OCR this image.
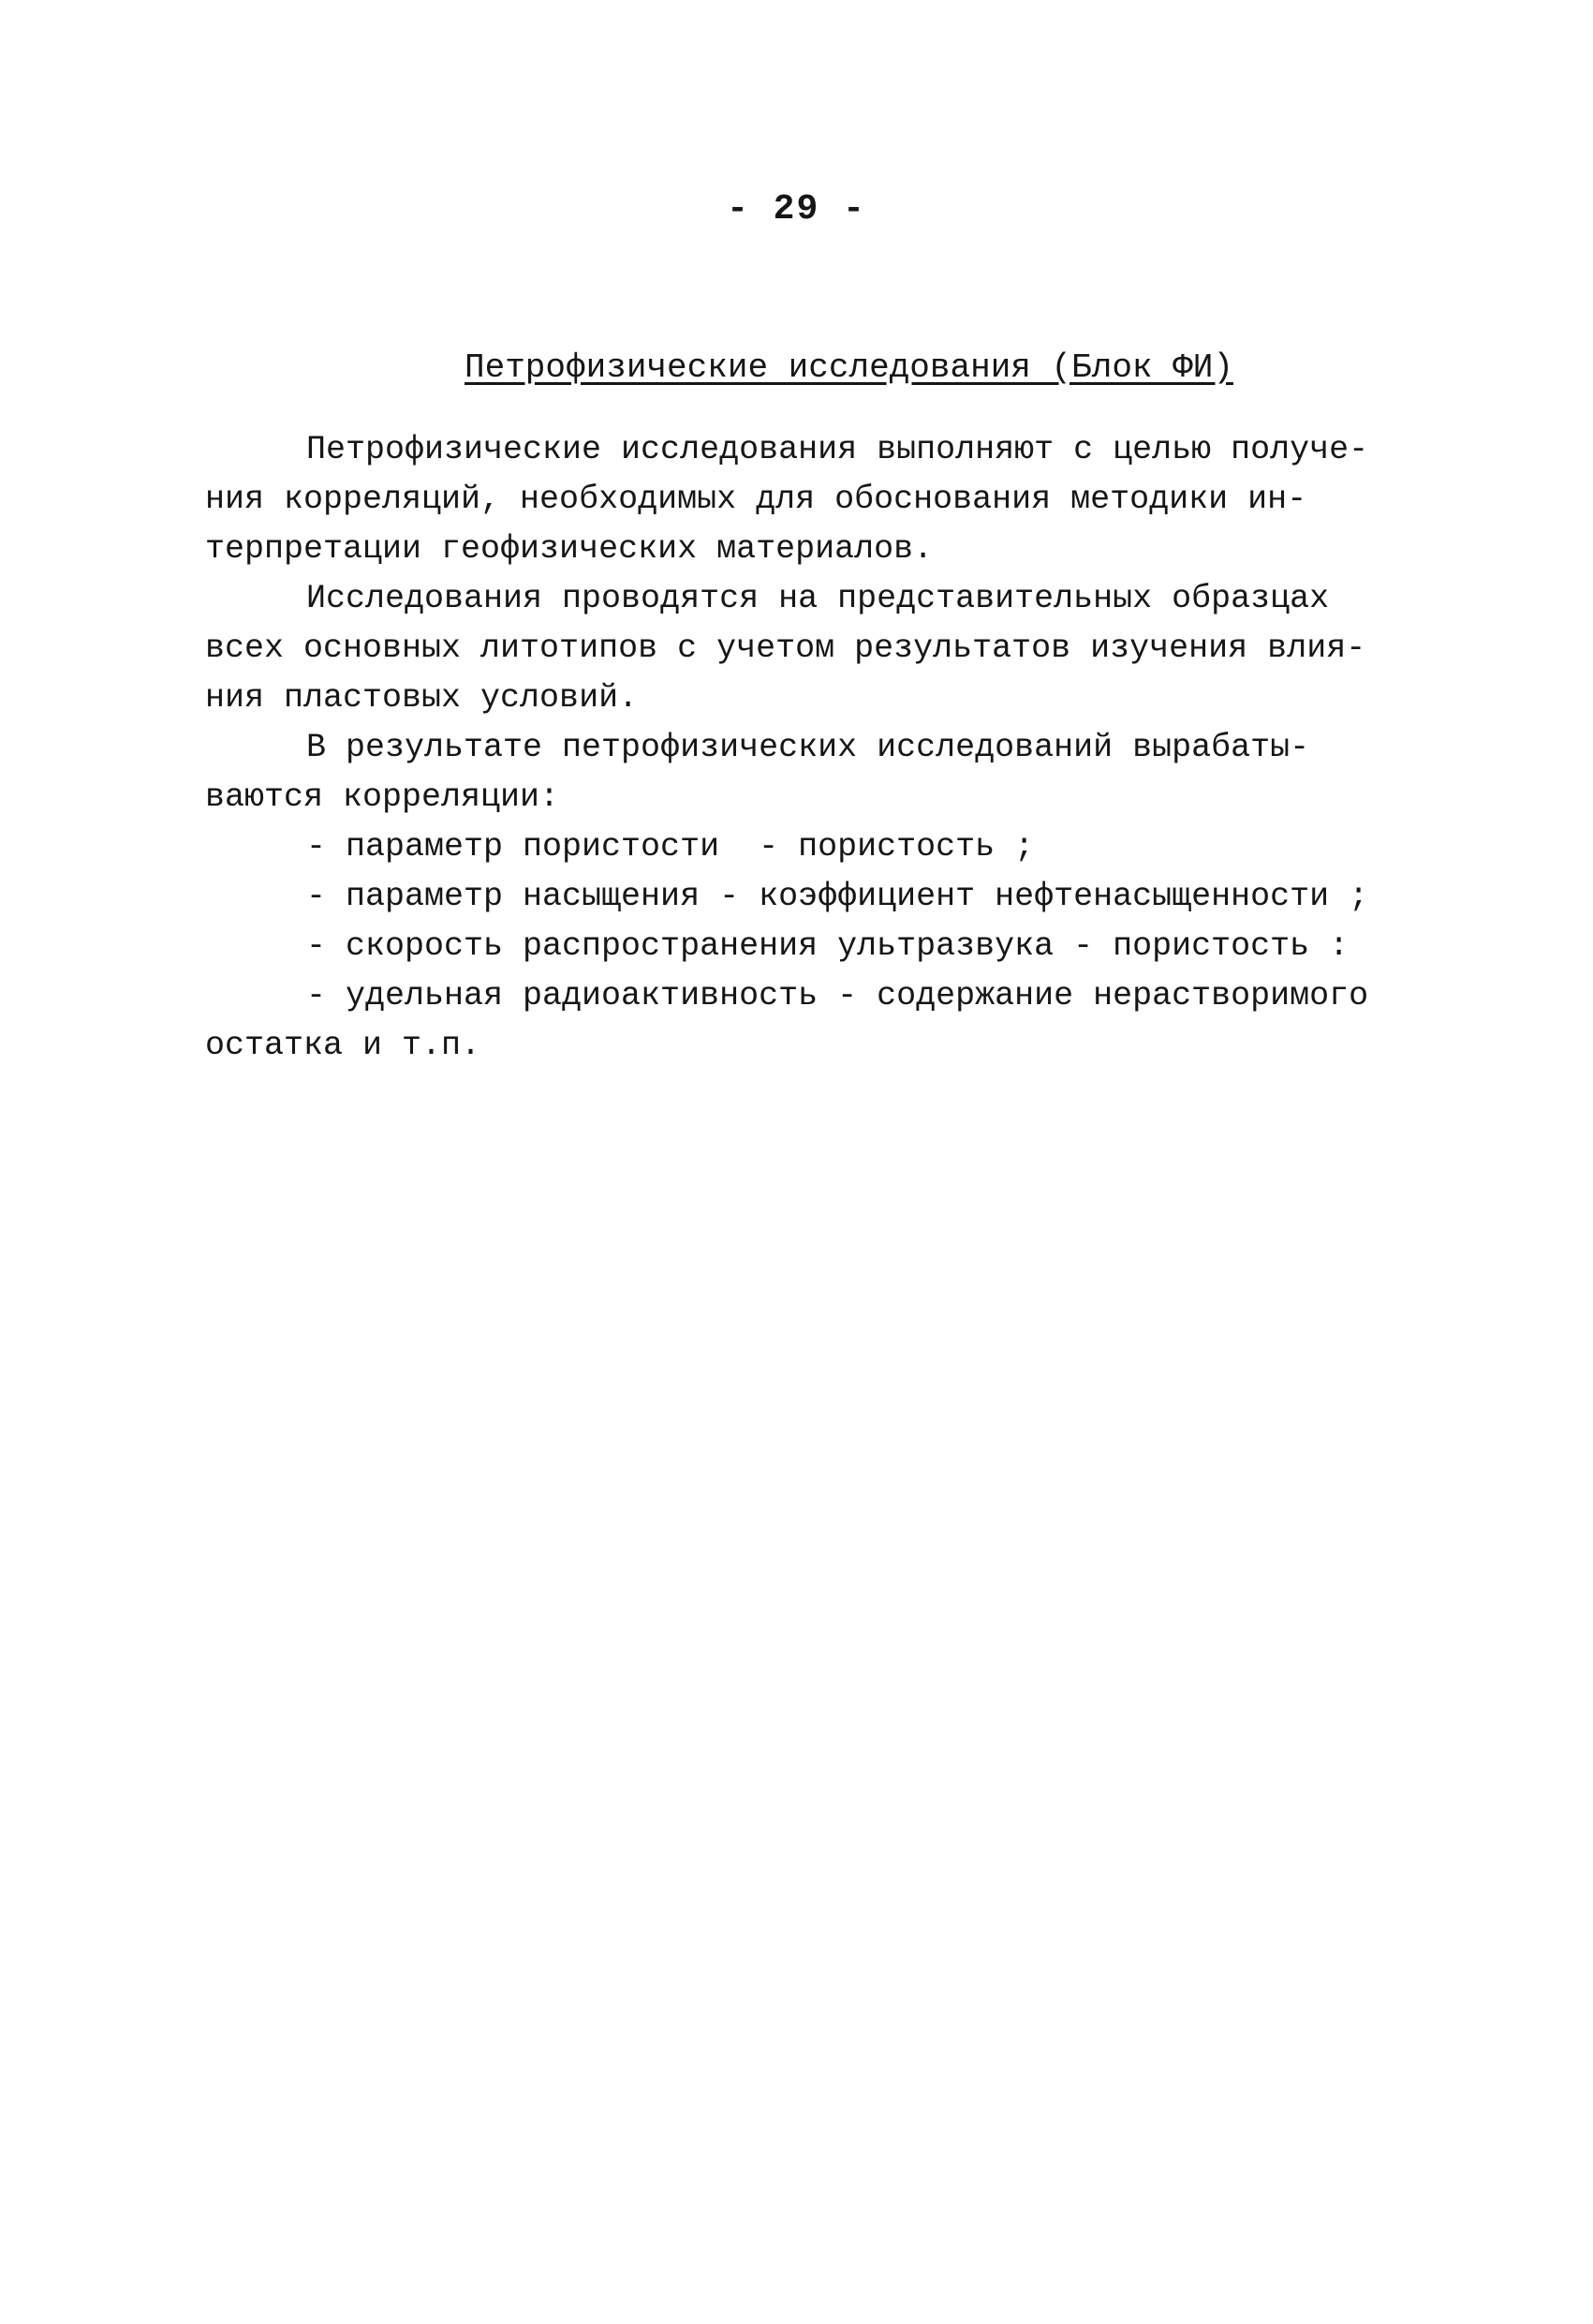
- 29 -
Петрофизические исследования (Блок ФИ)
Петрофизические исследования выполняют с целью получе-
ния корреляций, необходимых для обоснования методики ин-
терпретации геофизических материалов.
Исследования проводятся на представительных образцах
всех основных литотипов с учетом результатов изучения влия-
ния пластовых условий.
В результате петрофизических исследований вырабаты-
ваются корреляции:
- параметр пористости  - пористость ;
- параметр насыщения - коэффициент нефтенасыщенности ;
- скорость распространения ультразвука - пористость :
- удельная радиоактивность - содержание нерастворимого
остатка и т.п.
